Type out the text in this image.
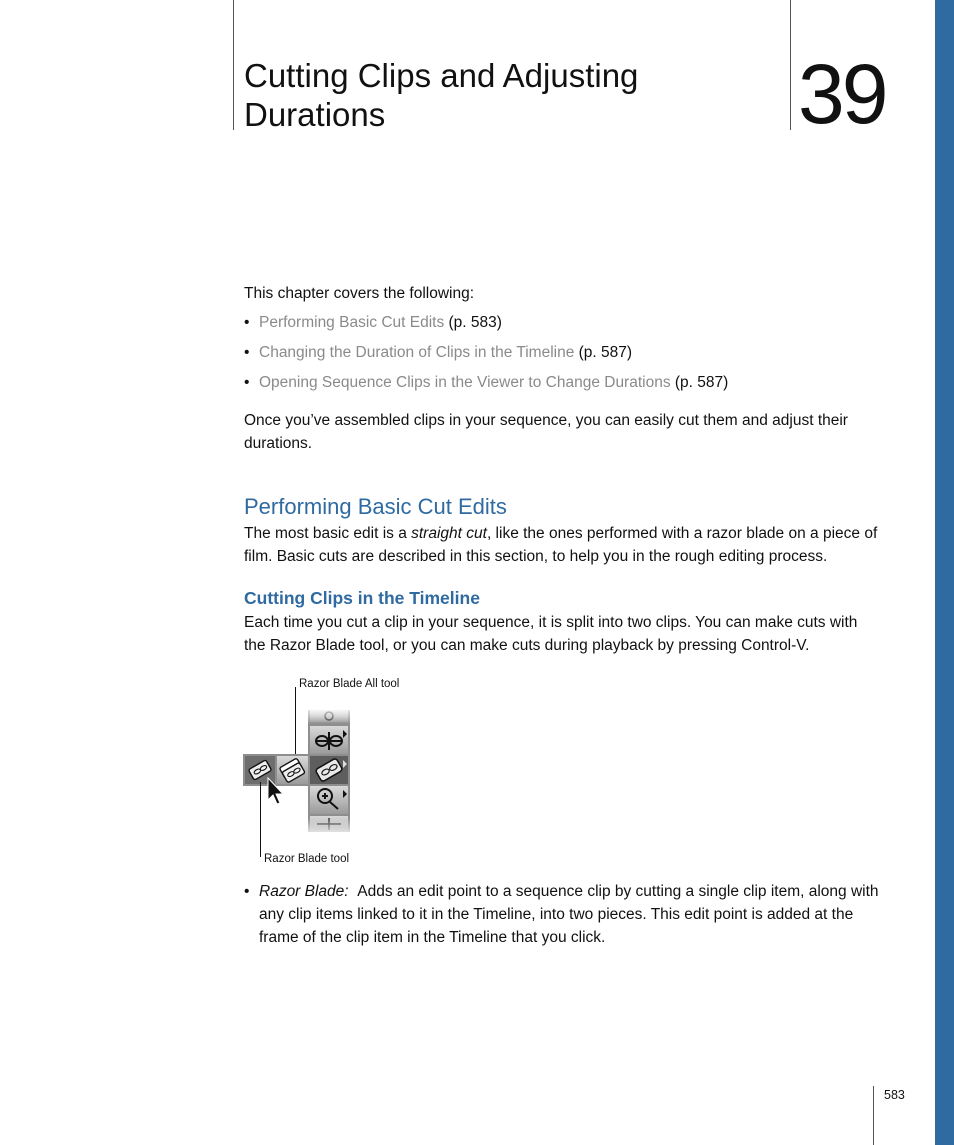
Cutting Clips and Adjusting Durations	39
This chapter covers the following:
• Performing Basic Cut Edits (p. 583)
• Changing the Duration of Clips in the Timeline (p. 587)
• Opening Sequence Clips in the Viewer to Change Durations (p. 587)

Once you’ve assembled clips in your sequence, you can easily cut them and adjust their durations.

Performing Basic Cut Edits

The most basic edit is a straight cut, like the ones performed with a razor blade on a piece of film. Basic cuts are described in this section, to help you in the rough editing process.

Cutting Clips in the Timeline

Each time you cut a clip in your sequence, it is split into two clips. You can make cuts with the Razor Blade tool, or you can make cuts during playback by pressing Control-V.

Razor Blade All tool
Razor Blade tool
• Razor Blade: Adds an edit point to a sequence clip by cutting a single clip item, along with any clip items linked to it in the Timeline, into two pieces. This edit point is added at the frame of the clip item in the Timeline that you click.
583
